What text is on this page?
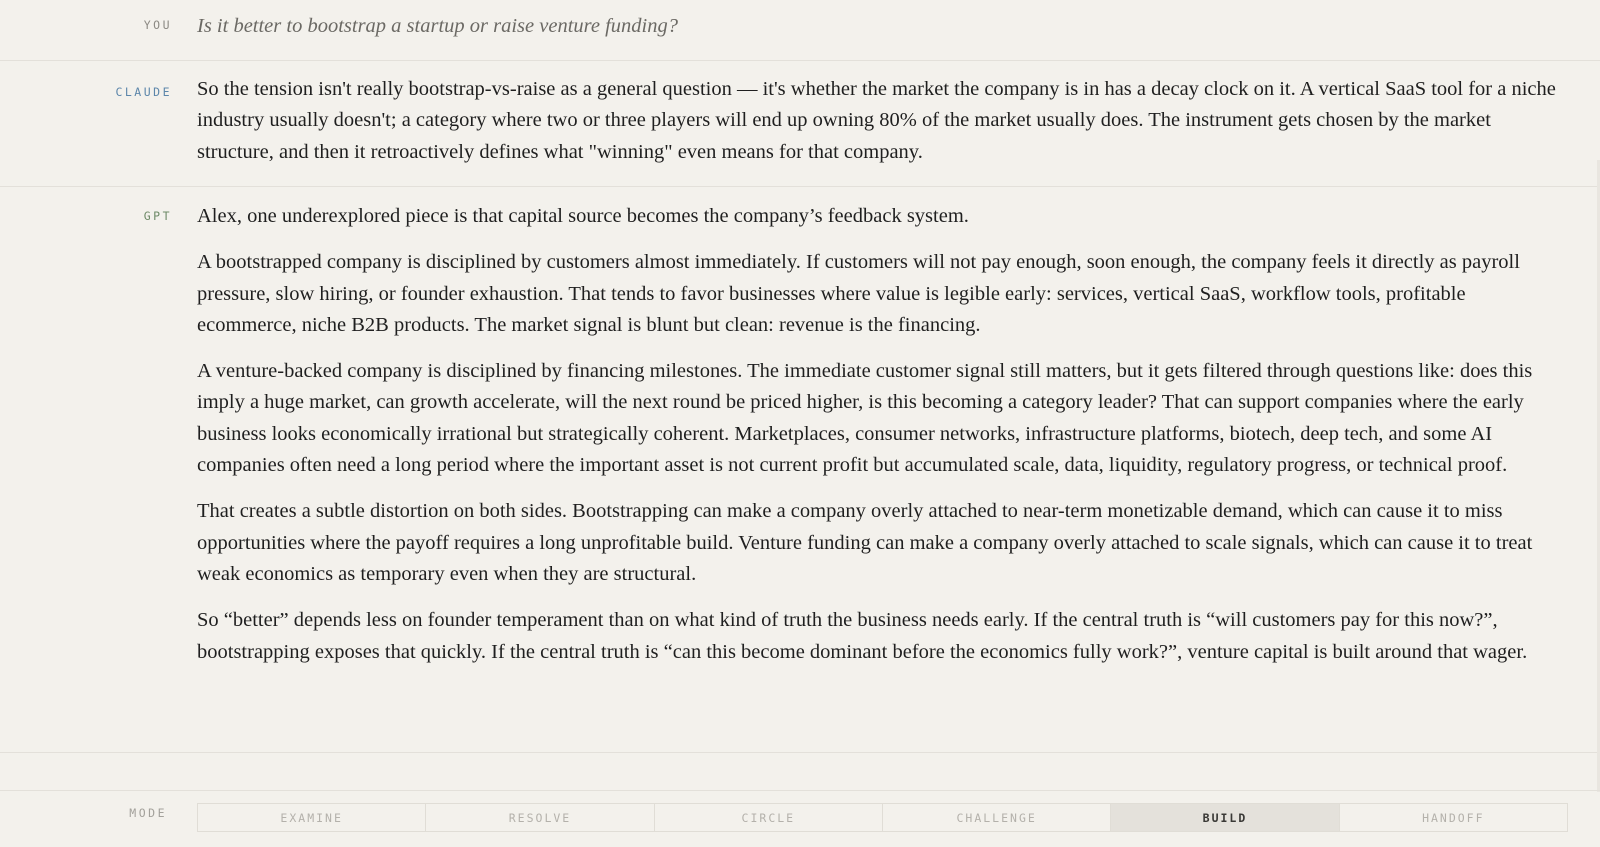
YOU Is it better to bootstrap a startup or raise venture funding?

CLAUDE So the tension isn't really bootstrap-vs-raise as a general question — it's whether the market the company is in has a decay clock on it. A vertical SaaS tool for a niche industry usually doesn't; a category where two or three players will end up owning 80% of the market usually does. The instrument gets chosen by the market structure, and then it retroactively defines what "winning" even means for that company.

GPT Alex, one underexplored piece is that capital source becomes the company’s feedback system.

A bootstrapped company is disciplined by customers almost immediately. If customers will not pay enough, soon enough, the company feels it directly as payroll pressure, slow hiring, or founder exhaustion. That tends to favor businesses where value is legible early: services, vertical SaaS, workflow tools, profitable ecommerce, niche B2B products. The market signal is blunt but clean: revenue is the financing.

A venture-backed company is disciplined by financing milestones. The immediate customer signal still matters, but it gets filtered through questions like: does this imply a huge market, can growth accelerate, will the next round be priced higher, is this becoming a category leader? That can support companies where the early business looks economically irrational but strategically coherent. Marketplaces, consumer networks, infrastructure platforms, biotech, deep tech, and some AI companies often need a long period where the important asset is not current profit but accumulated scale, data, liquidity, regulatory progress, or technical proof.

That creates a subtle distortion on both sides. Bootstrapping can make a company overly attached to near-term monetizable demand, which can cause it to miss opportunities where the payoff requires a long unprofitable build. Venture funding can make a company overly attached to scale signals, which can cause it to treat weak economics as temporary even when they are structural.

So “better” depends less on founder temperament than on what kind of truth the business needs early. If the central truth is “will customers pay for this now?”, bootstrapping exposes that quickly. If the central truth is “can this become dominant before the economics fully work?”, venture capital is built around that wager.

MODE	EXAMINE	RESOLVE	CIRCLE	CHALLENGE	BUILD	HANDOFF
